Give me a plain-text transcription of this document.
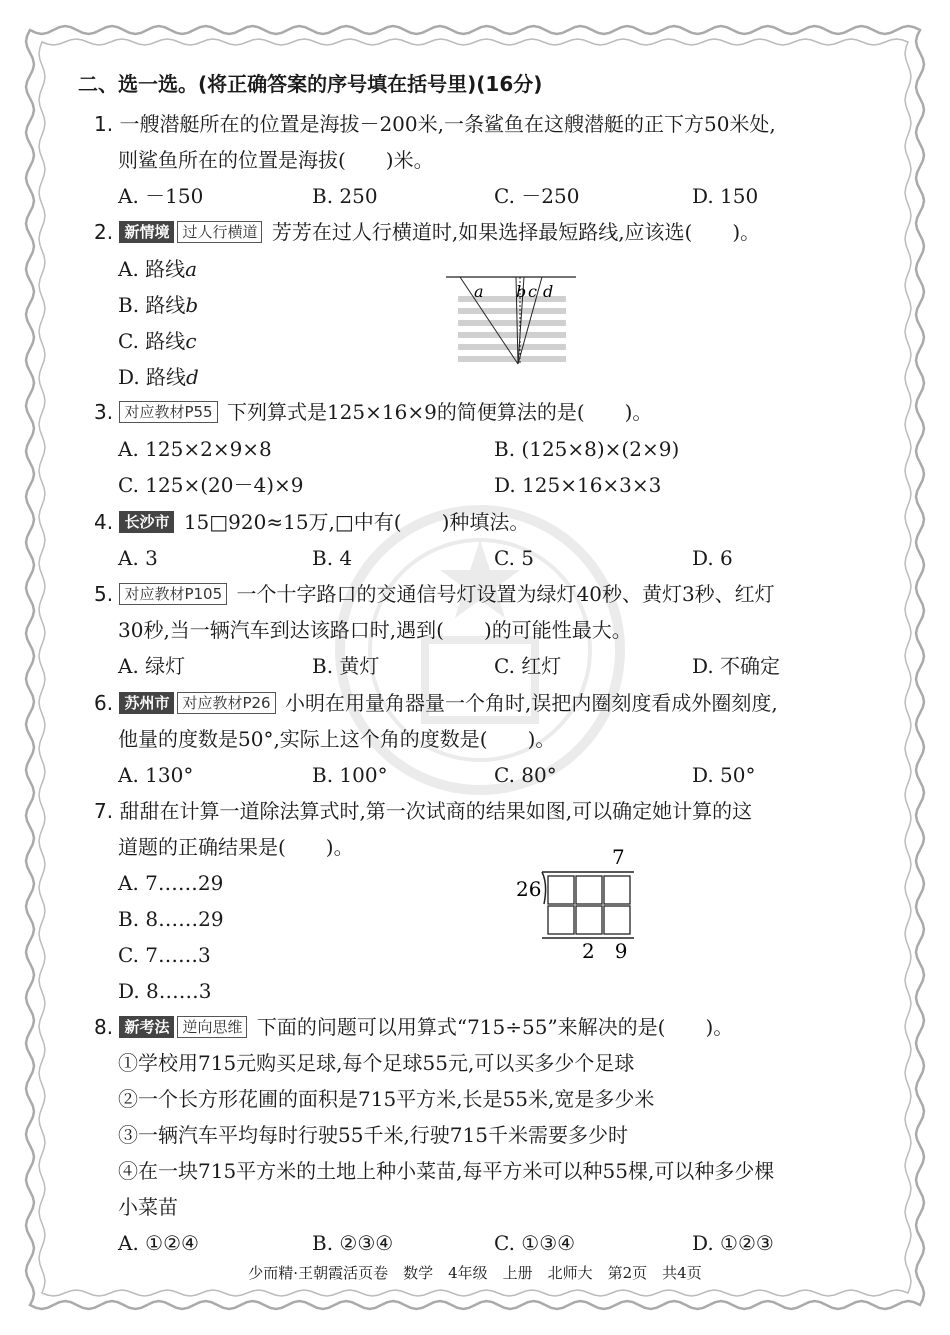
二、选一选。(将正确答案的序号填在括号里)(16分)
1. 一艘潜艇所在的位置是海拔－200米,一条鲨鱼在这艘潜艇的正下方50米处,
则鲨鱼所在的位置是海拔(　　)米。
A. －150	B. 250	C. －250	D. 150
2. 新情境 过人行横道 芳芳在过人行横道时,如果选择最短路线,应该选(　　)。
A. 路线a
B. 路线b
C. 路线c
D. 路线d
a b c d
3. 对应教材P55 下列算式是125×16×9的简便算法的是(　　)。
A. 125×2×9×8	B. (125×8)×(2×9)
C. 125×(20－4)×9	D. 125×16×3×3
4. 长沙市 15□920≈15万,□中有(　　)种填法。
A. 3	B. 4	C. 5	D. 6
5. 对应教材P105 一个十字路口的交通信号灯设置为绿灯40秒、黄灯3秒、红灯
30秒,当一辆汽车到达该路口时,遇到(　　)的可能性最大。
A. 绿灯	B. 黄灯	C. 红灯	D. 不确定
6. 苏州市 对应教材P26 小明在用量角器量一个角时,误把内圈刻度看成外圈刻度,
他量的度数是50°,实际上这个角的度数是(　　)。
A. 130°	B. 100°	C. 80°	D. 50°
7. 甜甜在计算一道除法算式时,第一次试商的结果如图,可以确定她计算的这
道题的正确结果是(　　)。
A. 7……29
B. 8……29
C. 7……3
D. 8……3
7
26
2　9
8. 新考法 逆向思维 下面的问题可以用算式“715÷55”来解决的是(　　)。
①学校用715元购买足球,每个足球55元,可以买多少个足球
②一个长方形花圃的面积是715平方米,长是55米,宽是多少米
③一辆汽车平均每时行驶55千米,行驶715千米需要多少时
④在一块715平方米的土地上种小菜苗,每平方米可以种55棵,可以种多少棵
小菜苗
A. ①②④	B. ②③④	C. ①③④	D. ①②③
少而精·王朝霞活页卷　数学　4年级　上册　北师大　第2页　共4页
